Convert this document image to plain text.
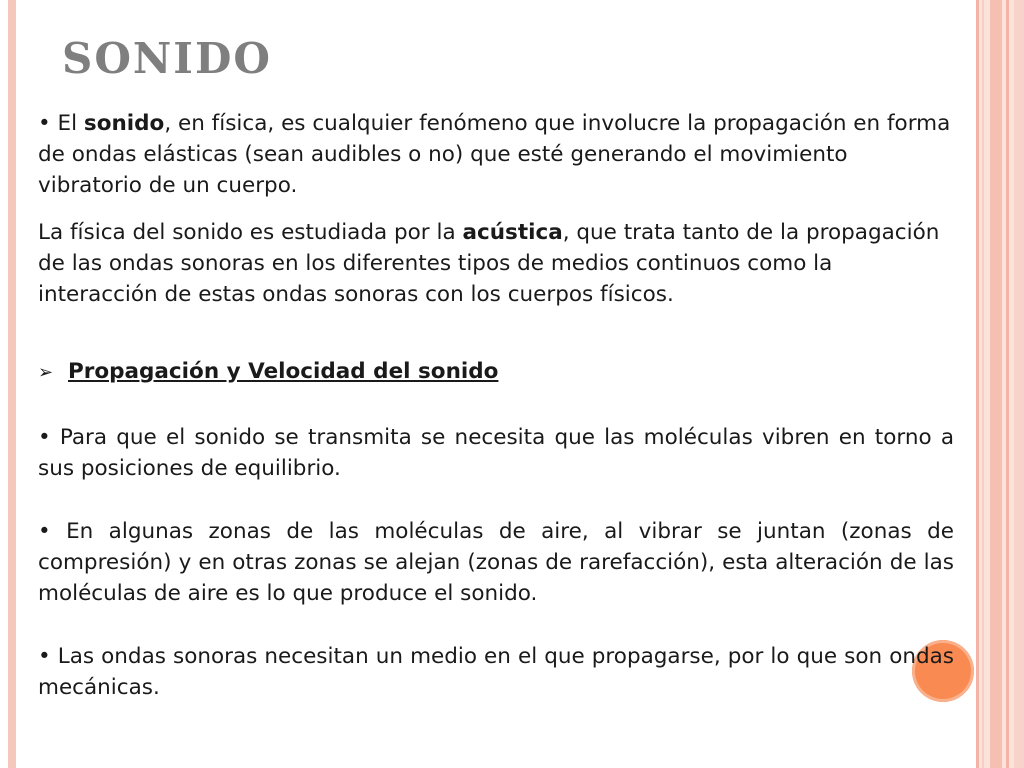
SONIDO

• El sonido, en física, es cualquier fenómeno que involucre la propagación en forma de ondas elásticas (sean audibles o no) que esté generando el movimiento vibratorio de un cuerpo.

La física del sonido es estudiada por la acústica, que trata tanto de la propagación de las ondas sonoras en los diferentes tipos de medios continuos como la interacción de estas ondas sonoras con los cuerpos físicos.

➢ Propagación y Velocidad del sonido

• Para que el sonido se transmita se necesita que las moléculas vibren en torno a sus posiciones de equilibrio.

• En algunas zonas de las moléculas de aire, al vibrar se juntan (zonas de compresión) y en otras zonas se alejan (zonas de rarefacción), esta alteración de las moléculas de aire es lo que produce el sonido.

• Las ondas sonoras necesitan un medio en el que propagarse, por lo que son ondas mecánicas.
